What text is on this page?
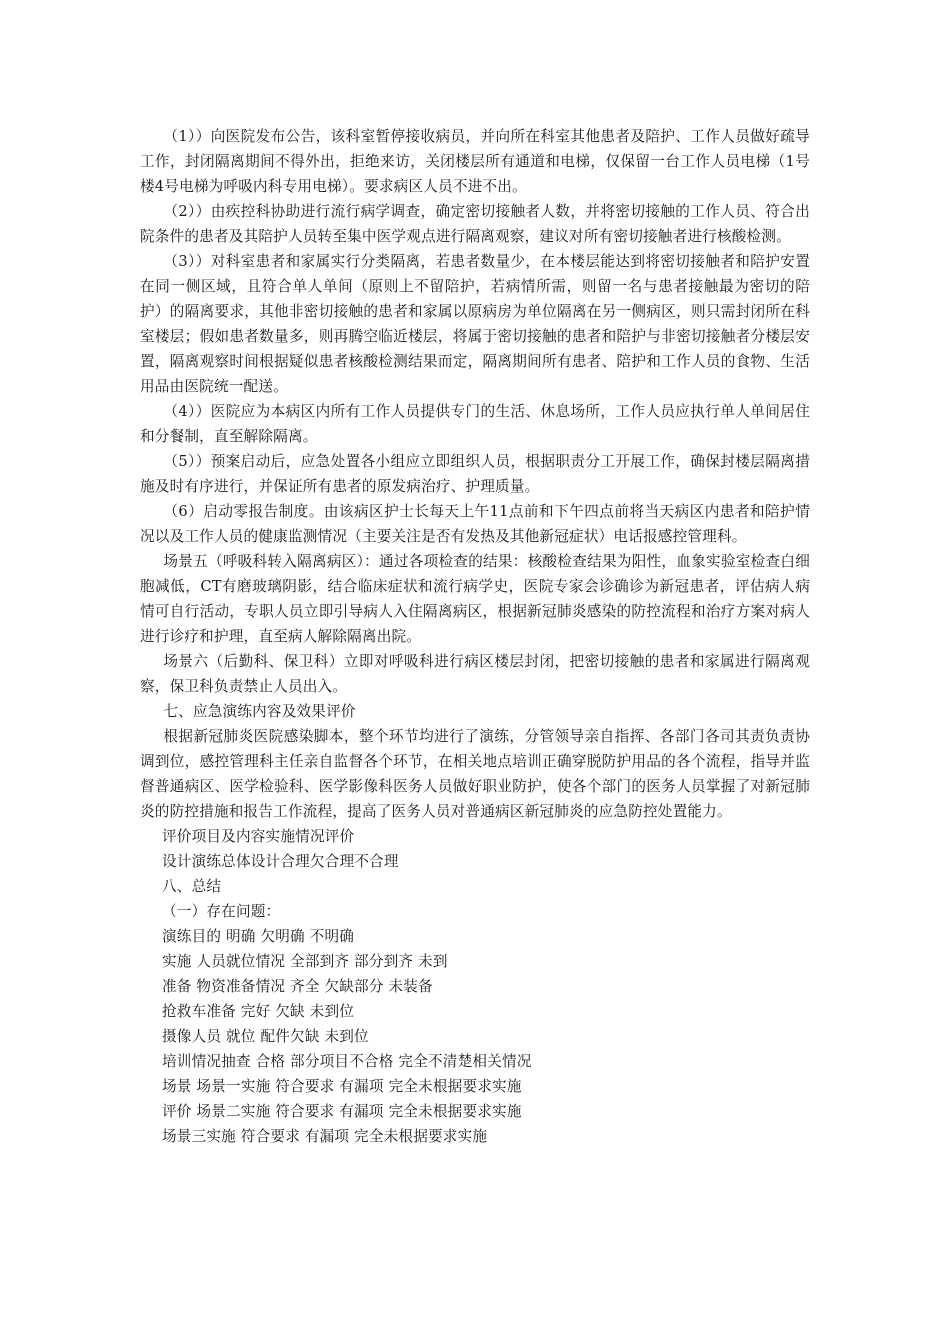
（1））向医院发布公告，该科室暂停接收病员，并向所在科室其他患者及陪护、工作人员做好疏导工作，封闭隔离期间不得外出，拒绝来访，关闭楼层所有通道和电梯，仅保留一台工作人员电梯（1号楼4号电梯为呼吸内科专用电梯）。要求病区人员不进不出。

（2））由疾控科协助进行流行病学调查，确定密切接触者人数，并将密切接触的工作人员、符合出院条件的患者及其陪护人员转至集中医学观点进行隔离观察，建议对所有密切接触者进行核酸检测。

（3））对科室患者和家属实行分类隔离，若患者数量少，在本楼层能达到将密切接触者和陪护安置在同一侧区域，且符合单人单间（原则上不留陪护，若病情所需，则留一名与患者接触最为密切的陪护）的隔离要求，其他非密切接触的患者和家属以原病房为单位隔离在另一侧病区，则只需封闭所在科室楼层；假如患者数量多，则再腾空临近楼层，将属于密切接触的患者和陪护与非密切接触者分楼层安置，隔离观察时间根据疑似患者核酸检测结果而定，隔离期间所有患者、陪护和工作人员的食物、生活用品由医院统一配送。

（4））医院应为本病区内所有工作人员提供专门的生活、休息场所，工作人员应执行单人单间居住和分餐制，直至解除隔离。

（5））预案启动后，应急处置各小组应立即组织人员，根据职责分工开展工作，确保封楼层隔离措施及时有序进行，并保证所有患者的原发病治疗、护理质量。

（6）启动零报告制度。由该病区护士长每天上午11点前和下午四点前将当天病区内患者和陪护情况以及工作人员的健康监测情况（主要关注是否有发热及其他新冠症状）电话报感控管理科。

场景五（呼吸科转入隔离病区）：通过各项检查的结果：核酸检查结果为阳性，血象实验室检查白细胞减低，CT有磨玻璃阴影，结合临床症状和流行病学史，医院专家会诊确诊为新冠患者，评估病人病情可自行活动，专职人员立即引导病人入住隔离病区，根据新冠肺炎感染的防控流程和治疗方案对病人进行诊疗和护理，直至病人解除隔离出院。

场景六（后勤科、保卫科）立即对呼吸科进行病区楼层封闭，把密切接触的患者和家属进行隔离观察，保卫科负责禁止人员出入。

七、应急演练内容及效果评价

根据新冠肺炎医院感染脚本，整个环节均进行了演练，分管领导亲自指挥、各部门各司其责负责协调到位，感控管理科主任亲自监督各个环节，在相关地点培训正确穿脱防护用品的各个流程，指导并监督普通病区、医学检验科、医学影像科医务人员做好职业防护，使各个部门的医务人员掌握了对新冠肺炎的防控措施和报告工作流程，提高了医务人员对普通病区新冠肺炎的应急防控处置能力。

评价项目及内容实施情况评价

设计演练总体设计合理欠合理不合理

八、总结

（一）存在问题：

演练目的 明确 欠明确 不明确

实施 人员就位情况 全部到齐 部分到齐 未到

准备 物资准备情况 齐全 欠缺部分 未装备

抢救车准备 完好 欠缺 未到位

摄像人员 就位 配件欠缺 未到位

培训情况抽查 合格 部分项目不合格 完全不清楚相关情况

场景 场景一实施 符合要求 有漏项 完全未根据要求实施

评价 场景二实施 符合要求 有漏项 完全未根据要求实施

场景三实施 符合要求 有漏项 完全未根据要求实施
